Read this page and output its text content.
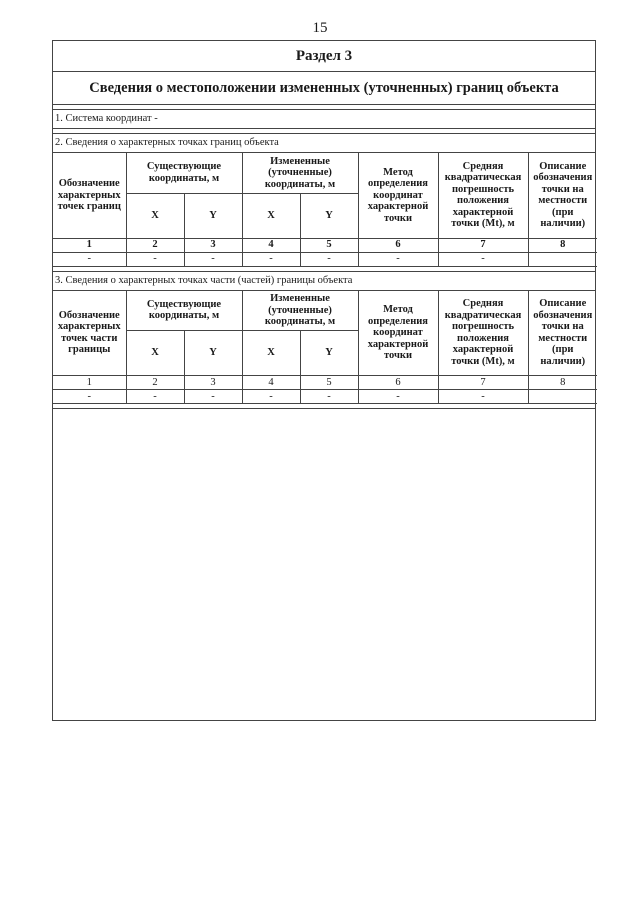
15
Раздел 3
Сведения о местоположении измененных (уточненных) границ объекта
1. Система координат -
2. Сведения о характерных точках границ объекта
Обозначение характерных точек границ	Существующие координаты, м		Измененные (уточненные) координаты, м		Метод определения координат характерной точки	Средняя квадратическая погрешность положения характерной точки (Mt), м	Описание обозначения точки на местности (при наличии)
	X	Y	X	Y			
1	2	3	4	5	6	7	8
-	-	-	-	-	-	-	
3. Сведения о характерных точках части (частей) границы объекта
Обозначение характерных точек части границы	Существующие координаты, м		Измененные (уточненные) координаты, м		Метод определения координат характерной точки	Средняя квадратическая погрешность положения характерной точки (Mt), м	Описание обозначения точки на местности (при наличии)
	X	Y	X	Y			
1	2	3	4	5	6	7	8
-	-	-	-	-	-	-	
